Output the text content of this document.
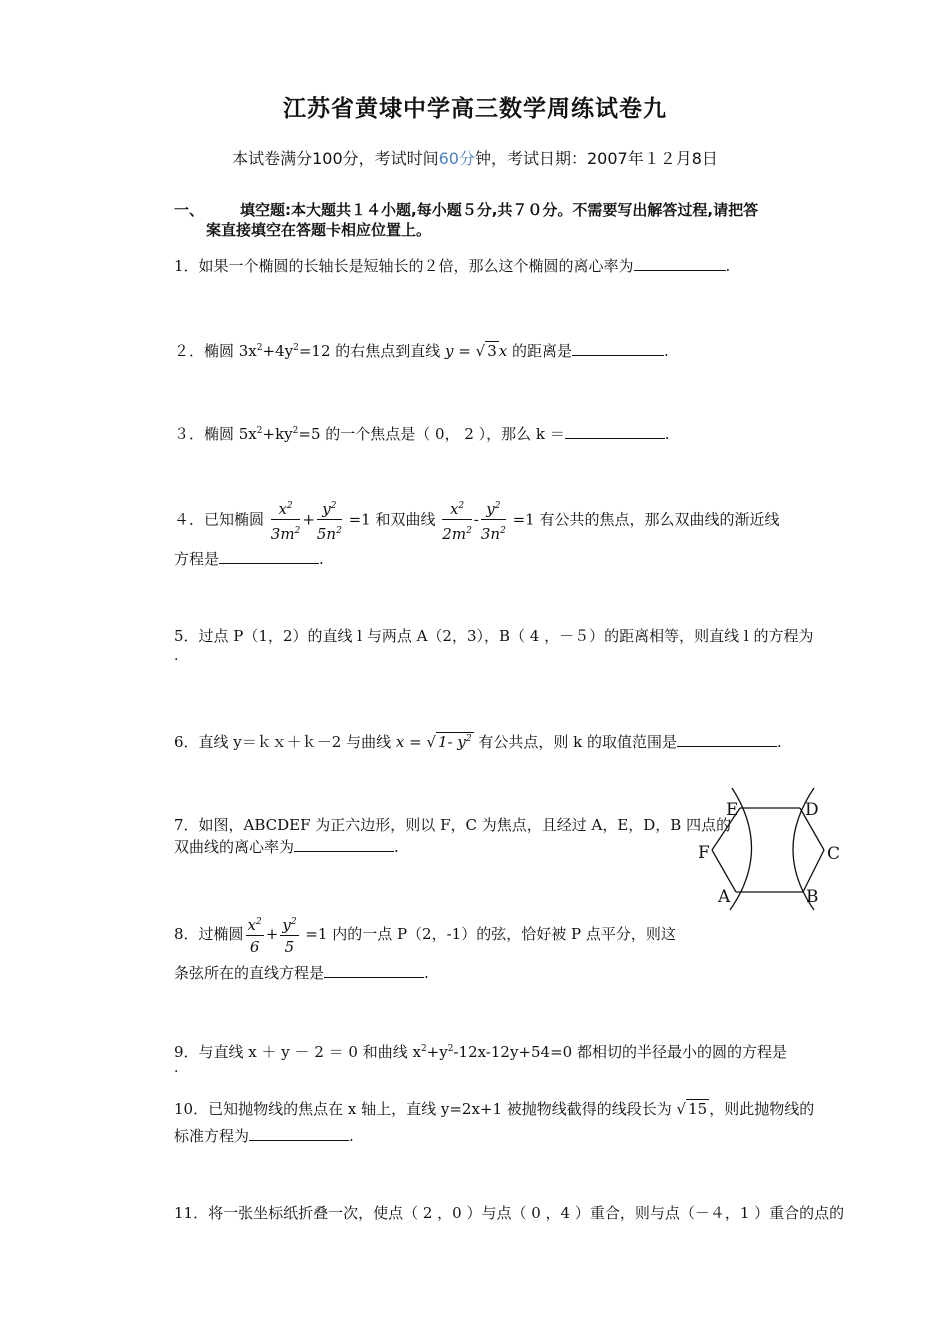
江苏省黄埭中学高三数学周练试卷九
本试卷满分100分，考试时间60分钟，考试日期：2007年１２月8日
一、 填空题:本大题共１４小题,每小题５分,共７０分。不需要写出解答过程,请把答
案直接填空在答题卡相应位置上。
1．如果一个椭圆的长轴长是短轴长的２倍，那么这个椭圆的离心率为	.
２．椭圆 $3x^2+4y^2=12$ 的右焦点到直线 y = √ 3 x 的距离是	.
３．椭圆 $5x^2+ky^2=5$ 的一个焦点是（ 0， 2 ），那么 k ＝	.
４．已知椭圆 $\frac{x^2}{3m^2} + \frac{y^2}{5n^2} =1$ 和双曲线 $\frac{x^2}{2m^2} - \frac{y^2}{3n^2} =1$ 有公共的焦点，那么双曲线的渐近线
方程是	.
5．过点 P（1，2）的直线 l 与两点 A（2，3），B（ 4 ，－５）的距离相等，则直线 l 的方程为
.
6．直线 y＝ｋｘ＋ｋ－2 与曲线 x = √ 1- $y^2$ 有公共点，则 k 的取值范围是	.
7．如图，ABCDEF 为正六边形，则以 F，C 为焦点，且经过 A，E，D，B 四点的
双曲线的离心率为	.
E	D
F	C
A	B
8．过椭圆 $\frac{x^2}{6} + \frac{y^2}{5} =1$ 内的一点 P（2，-1）的弦，恰好被 P 点平分，则这
条弦所在的直线方程是	.
9．与直线 x ＋ y － 2 ＝ 0 和曲线 $x^2+y^2-12x-12y+54=0$ 都相切的半径最小的圆的方程是
.
10．已知抛物线的焦点在 x 轴上，直线 y=2x+1 被抛物线截得的线段长为 √ 15 ，则此抛物线的
标准方程为	.
11．将一张坐标纸折叠一次，使点（ 2 ，0 ）与点（ 0 ，4 ）重合，则与点（－４，1 ）重合的点的
